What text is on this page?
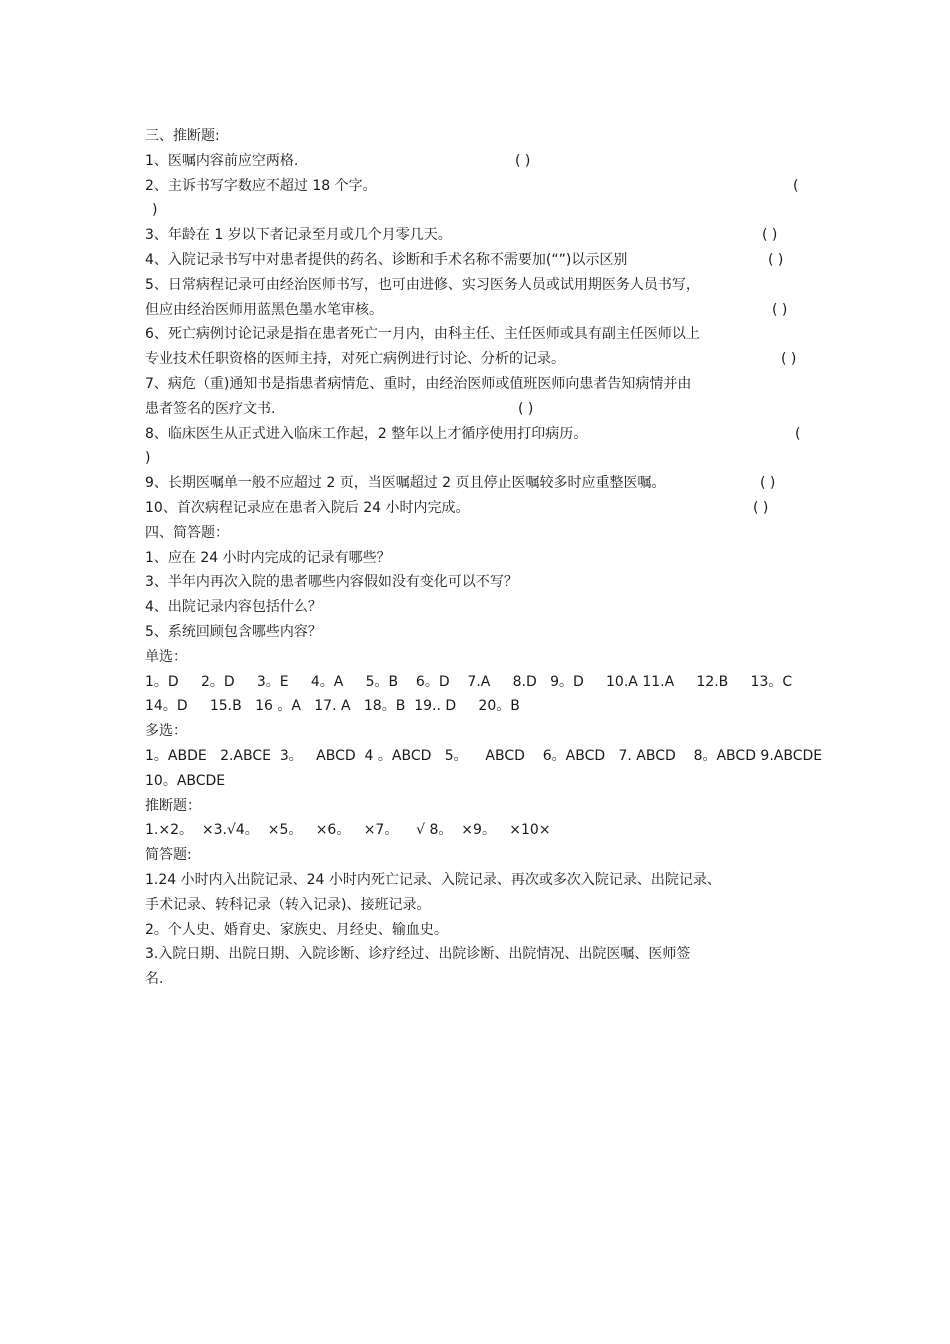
三、推断题:
1、医嘱内容前应空两格.	( )
2、主诉书写字数应不超过 18 个字。	(
)
3、年龄在 1 岁以下者记录至月或几个月零几天。	( )
4、入院记录书写中对患者提供的药名、诊断和手术名称不需要加(“”)以示区别	( )
5、日常病程记录可由经治医师书写，也可由进修、实习医务人员或试用期医务人员书写，
但应由经治医师用蓝黑色墨水笔审核。	( )
6、死亡病例讨论记录是指在患者死亡一月内，由科主任、主任医师或具有副主任医师以上
专业技术任职资格的医师主持，对死亡病例进行讨论、分析的记录。	( )
7、病危（重)通知书是指患者病情危、重时，由经治医师或值班医师向患者告知病情并由
患者签名的医疗文书.	( )
8、临床医生从正式进入临床工作起，2 整年以上才循序使用打印病历。	(
)
9、长期医嘱单一般不应超过 2 页，当医嘱超过 2 页且停止医嘱较多时应重整医嘱。	( )
10、首次病程记录应在患者入院后 24 小时内完成。	( )
四、简答题：
1、应在 24 小时内完成的记录有哪些？
3、半年内再次入院的患者哪些内容假如没有变化可以不写？
4、出院记录内容包括什么？
5、系统回顾包含哪些内容？
单选：
1。D     2。D     3。E     4。A     5。B    6。D    7.A     8.D   9。D     10.A 11.A     12.B     13。C
14。D     15.B   16 。A   17. A   18。B  19.. D     20。B
多选：
1。ABDE   2.ABCE  3。   ABCD  4 。ABCD   5。    ABCD    6。ABCD   7. ABCD    8。ABCD 9.ABCDE
10。ABCDE
推断题：
1.×2。  ×3.√4。  ×5。   ×6。   ×7。    √ 8。  ×9。   ×10×
简答题:
1.24 小时内入出院记录、24 小时内死亡记录、入院记录、再次或多次入院记录、出院记录、
手术记录、转科记录（转入记录)、接班记录。
2。个人史、婚育史、家族史、月经史、输血史。
3.入院日期、出院日期、入院诊断、诊疗经过、出院诊断、出院情况、出院医嘱、医师签
名.
